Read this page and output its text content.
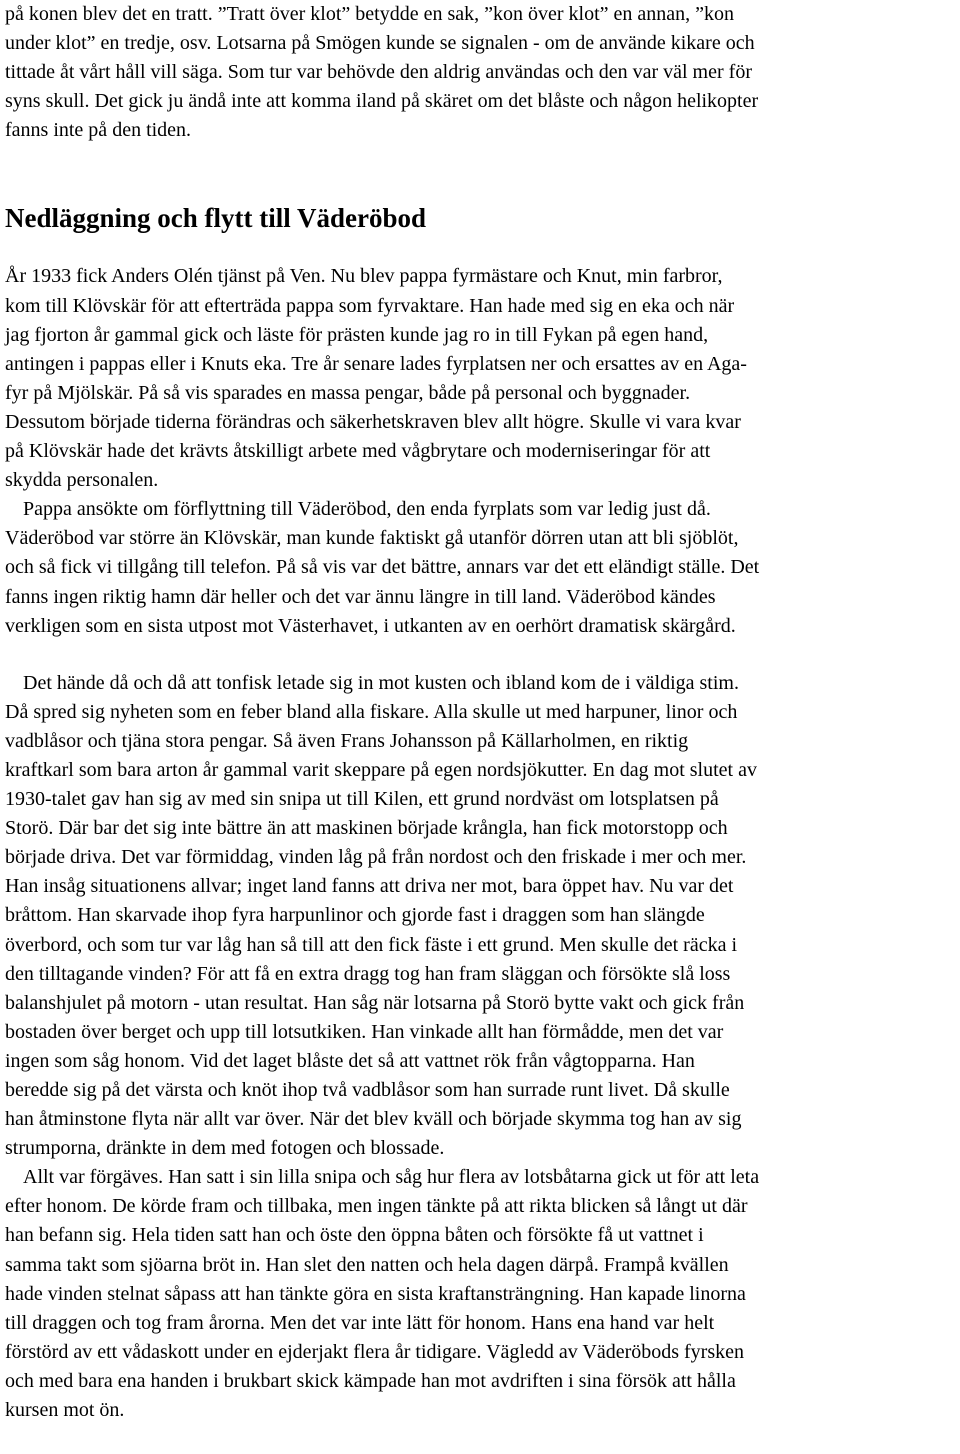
på konen blev det en tratt. ”Tratt över klot” betydde en sak, ”kon över klot” en annan, ”kon
under klot” en tredje, osv. Lotsarna på Smögen kunde se signalen - om de använde kikare och
tittade åt vårt håll vill säga. Som tur var behövde den aldrig användas och den var väl mer för
syns skull. Det gick ju ändå inte att komma iland på skäret om det blåste och någon helikopter
fanns inte på den tiden.
Nedläggning och flytt till Väderöbod
År 1933 fick Anders Olén tjänst på Ven. Nu blev pappa fyrmästare och Knut, min farbror,
kom till Klövskär för att efterträda pappa som fyrvaktare. Han hade med sig en eka och när
jag fjorton år gammal gick och läste för prästen kunde jag ro in till Fykan på egen hand,
antingen i pappas eller i Knuts eka. Tre år senare lades fyrplatsen ner och ersattes av en Aga-
fyr på Mjölskär. På så vis sparades en massa pengar, både på personal och byggnader.
Dessutom började tiderna förändras och säkerhetskraven blev allt högre. Skulle vi vara kvar
på Klövskär hade det krävts åtskilligt arbete med vågbrytare och moderniseringar för att
skydda personalen.
Pappa ansökte om förflyttning till Väderöbod, den enda fyrplats som var ledig just då.
Väderöbod var större än Klövskär, man kunde faktiskt gå utanför dörren utan att bli sjöblöt,
och så fick vi tillgång till telefon. På så vis var det bättre, annars var det ett eländigt ställe. Det
fanns ingen riktig hamn där heller och det var ännu längre in till land. Väderöbod kändes
verkligen som en sista utpost mot Västerhavet, i utkanten av en oerhört dramatisk skärgård.
Det hände då och då att tonfisk letade sig in mot kusten och ibland kom de i väldiga stim.
Då spred sig nyheten som en feber bland alla fiskare. Alla skulle ut med harpuner, linor och
vadblåsor och tjäna stora pengar. Så även Frans Johansson på Källarholmen, en riktig
kraftkarl som bara arton år gammal varit skeppare på egen nordsjökutter. En dag mot slutet av
1930-talet gav han sig av med sin snipa ut till Kilen, ett grund nordväst om lotsplatsen på
Storö. Där bar det sig inte bättre än att maskinen började krångla, han fick motorstopp och
började driva. Det var förmiddag, vinden låg på från nordost och den friskade i mer och mer.
Han insåg situationens allvar; inget land fanns att driva ner mot, bara öppet hav. Nu var det
bråttom. Han skarvade ihop fyra harpunlinor och gjorde fast i draggen som han slängde
överbord, och som tur var låg han så till att den fick fäste i ett grund. Men skulle det räcka i
den tilltagande vinden? För att få en extra dragg tog han fram släggan och försökte slå loss
balanshjulet på motorn - utan resultat. Han såg när lotsarna på Storö bytte vakt och gick från
bostaden över berget och upp till lotsutkiken. Han vinkade allt han förmådde, men det var
ingen som såg honom. Vid det laget blåste det så att vattnet rök från vågtopparna. Han
beredde sig på det värsta och knöt ihop två vadblåsor som han surrade runt livet. Då skulle
han åtminstone flyta när allt var över. När det blev kväll och började skymma tog han av sig
strumporna, dränkte in dem med fotogen och blossade.
Allt var förgäves. Han satt i sin lilla snipa och såg hur flera av lotsbåtarna gick ut för att leta
efter honom. De körde fram och tillbaka, men ingen tänkte på att rikta blicken så långt ut där
han befann sig. Hela tiden satt han och öste den öppna båten och försökte få ut vattnet i
samma takt som sjöarna bröt in. Han slet den natten och hela dagen därpå. Frampå kvällen
hade vinden stelnat såpass att han tänkte göra en sista kraftansträngning. Han kapade linorna
till draggen och tog fram årorna. Men det var inte lätt för honom. Hans ena hand var helt
förstörd av ett vådaskott under en ejderjakt flera år tidigare. Vägledd av Väderöbods fyrsken
och med bara ena handen i brukbart skick kämpade han mot avdriften i sina försök att hålla
kursen mot ön.
